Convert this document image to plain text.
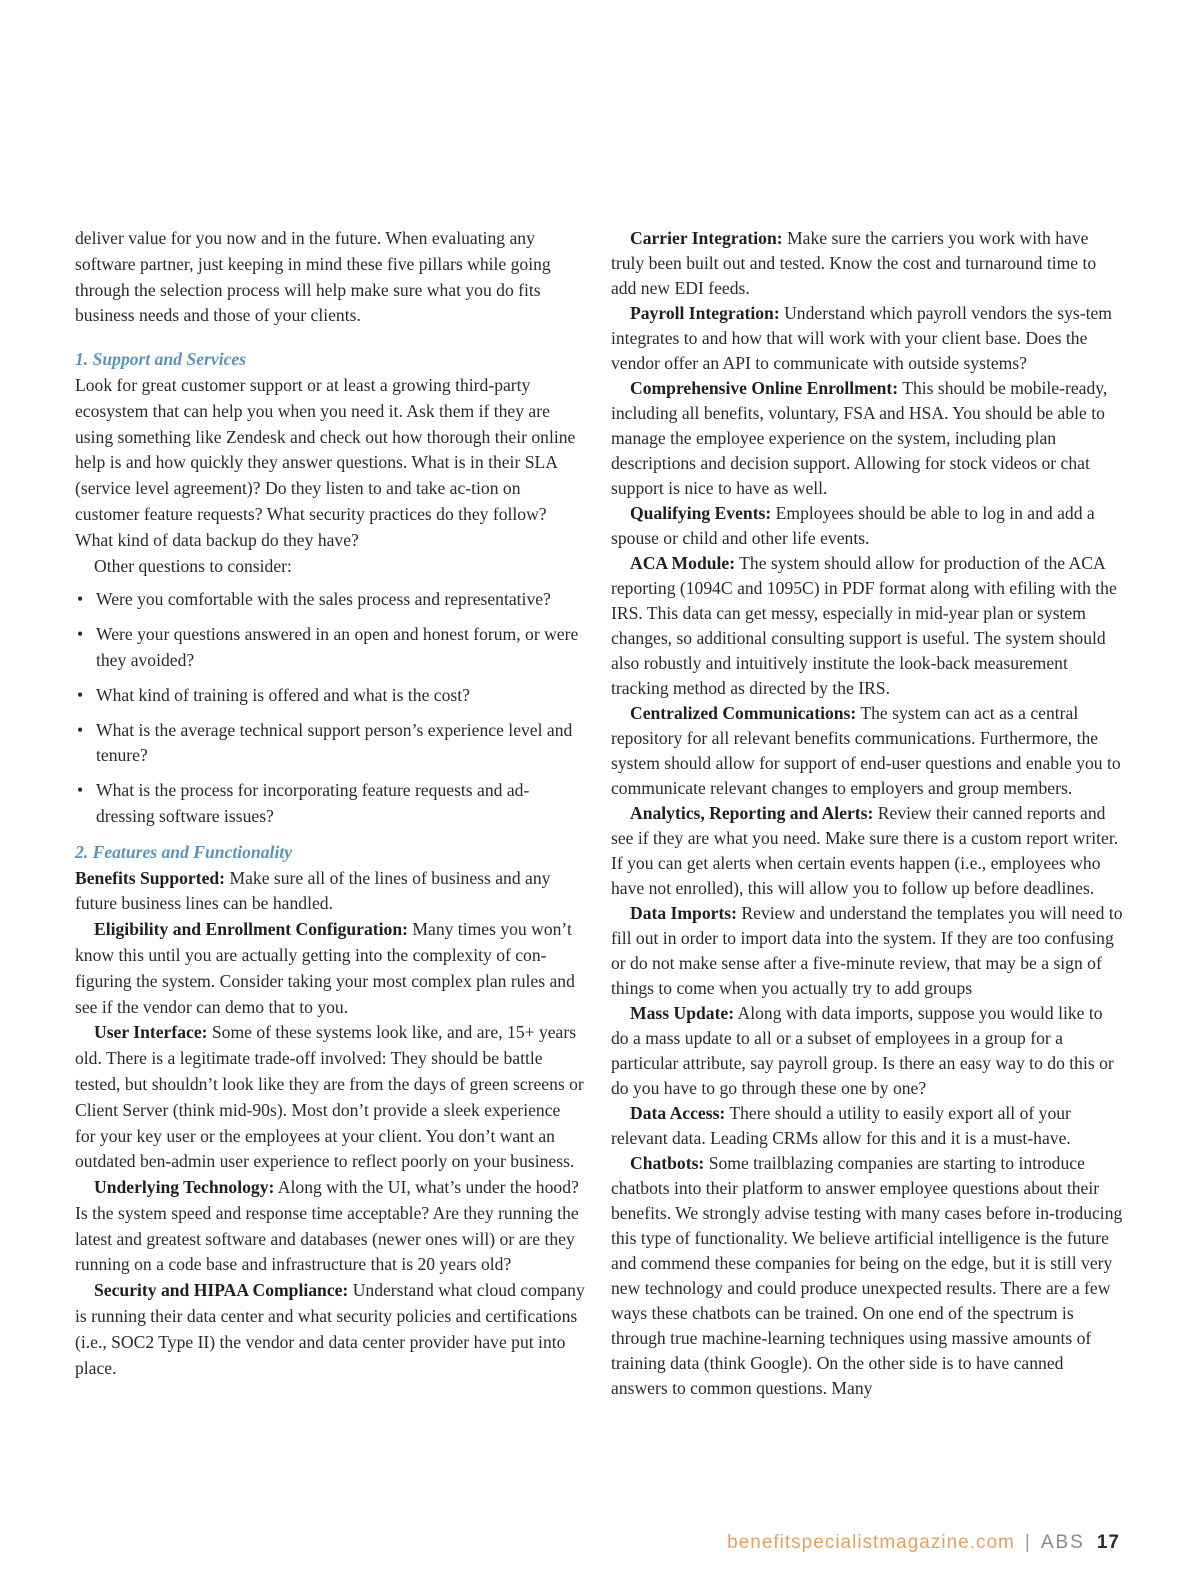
deliver value for you now and in the future. When evaluating any software partner, just keeping in mind these five pillars while going through the selection process will help make sure what you do fits business needs and those of your clients.

1. Support and Services

Look for great customer support or at least a growing third-party ecosystem that can help you when you need it. Ask them if they are using something like Zendesk and check out how thorough their online help is and how quickly they answer questions. What is in their SLA (service level agreement)? Do they listen to and take ac-tion on customer feature requests? What security practices do they follow? What kind of data backup do they have?

Other questions to consider:

• Were you comfortable with the sales process and representative?
• Were your questions answered in an open and honest forum, or were they avoided?
• What kind of training is offered and what is the cost?
• What is the average technical support person’s experience level and tenure?
• What is the process for incorporating feature requests and ad-dressing software issues?

2. Features and Functionality

Benefits Supported: Make sure all of the lines of business and any future business lines can be handled.

Eligibility and Enrollment Configuration: Many times you won’t know this until you are actually getting into the complexity of con-figuring the system. Consider taking your most complex plan rules and see if the vendor can demo that to you.

User Interface: Some of these systems look like, and are, 15+ years old. There is a legitimate trade-off involved: They should be battle tested, but shouldn’t look like they are from the days of green screens or Client Server (think mid-90s). Most don’t provide a sleek experience for your key user or the employees at your client. You don’t want an outdated ben-admin user experience to reflect poorly on your business.

Underlying Technology: Along with the UI, what’s under the hood? Is the system speed and response time acceptable? Are they running the latest and greatest software and databases (newer ones will) or are they running on a code base and infrastructure that is 20 years old?

Security and HIPAA Compliance: Understand what cloud company is running their data center and what security policies and certifications (i.e., SOC2 Type II) the vendor and data center provider have put into place.

Carrier Integration: Make sure the carriers you work with have truly been built out and tested. Know the cost and turnaround time to add new EDI feeds.

Payroll Integration: Understand which payroll vendors the sys-tem integrates to and how that will work with your client base. Does the vendor offer an API to communicate with outside systems?

Comprehensive Online Enrollment: This should be mobile-ready, including all benefits, voluntary, FSA and HSA. You should be able to manage the employee experience on the system, including plan descriptions and decision support. Allowing for stock videos or chat support is nice to have as well.

Qualifying Events: Employees should be able to log in and add a spouse or child and other life events.

ACA Module: The system should allow for production of the ACA reporting (1094C and 1095C) in PDF format along with efiling with the IRS. This data can get messy, especially in mid-year plan or system changes, so additional consulting support is useful. The system should also robustly and intuitively institute the look-back measurement tracking method as directed by the IRS.

Centralized Communications: The system can act as a central repository for all relevant benefits communications. Furthermore, the system should allow for support of end-user questions and enable you to communicate relevant changes to employers and group members.

Analytics, Reporting and Alerts: Review their canned reports and see if they are what you need. Make sure there is a custom report writer. If you can get alerts when certain events happen (i.e., employees who have not enrolled), this will allow you to follow up before deadlines.

Data Imports: Review and understand the templates you will need to fill out in order to import data into the system. If they are too confusing or do not make sense after a five-minute review, that may be a sign of things to come when you actually try to add groups

Mass Update: Along with data imports, suppose you would like to do a mass update to all or a subset of employees in a group for a particular attribute, say payroll group. Is there an easy way to do this or do you have to go through these one by one?

Data Access: There should a utility to easily export all of your relevant data. Leading CRMs allow for this and it is a must-have.

Chatbots: Some trailblazing companies are starting to introduce chatbots into their platform to answer employee questions about their benefits. We strongly advise testing with many cases before in-troducing this type of functionality. We believe artificial intelligence is the future and commend these companies for being on the edge, but it is still very new technology and could produce unexpected results. There are a few ways these chatbots can be trained. On one end of the spectrum is through true machine-learning techniques using massive amounts of training data (think Google). On the other side is to have canned answers to common questions. Many

benefitspecialistmagazine.com | ABS 17
